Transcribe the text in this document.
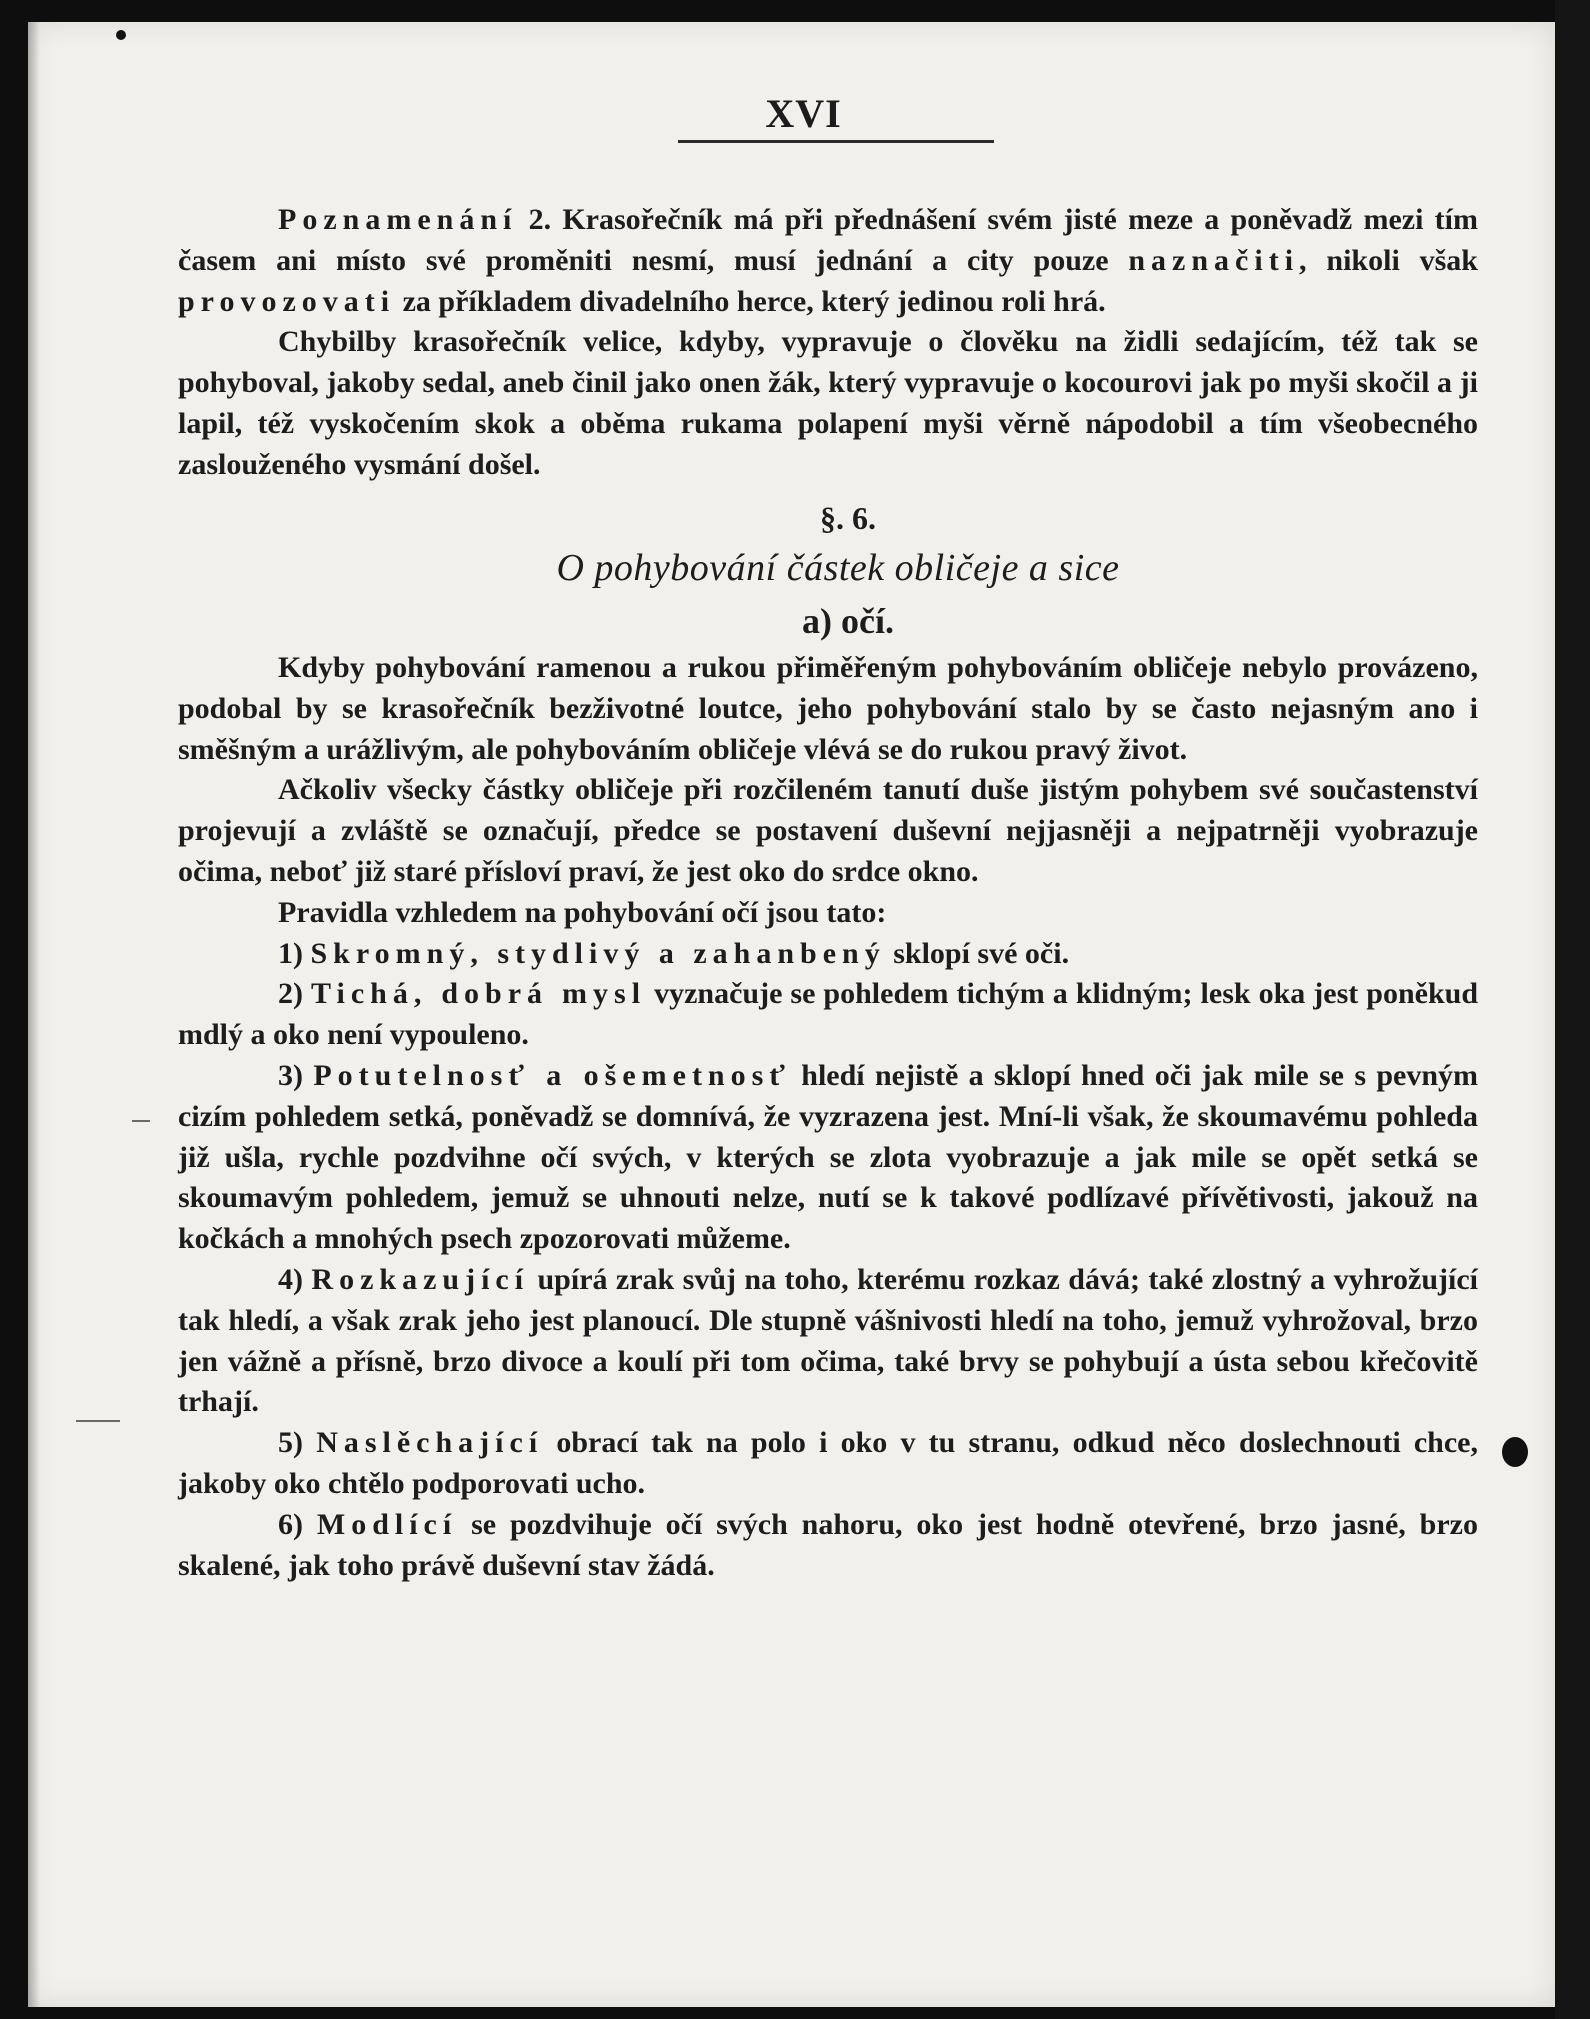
XVI

Poznamenání 2. Krasořečník má při přednášení svém jisté meze a poněvadž mezi tím časem ani místo své proměniti nesmí, musí jednání a city pouze naznačiti, nikoli však provozovati za příkladem divadelního herce, který jedinou roli hrá.

Chybilby krasořečník velice, kdyby, vypravuje o člověku na židli sedajícím, též tak se pohyboval, jakoby sedal, aneb činil jako onen žák, který vypravuje o kocourovi jak po myši skočil a ji lapil, též vyskočením skok a oběma rukama polapení myši věrně nápodobil a tím všeobecného zaslouženého vysmání došel.

§. 6.
O pohybování částek obličeje a sice
a) očí.

Kdyby pohybování ramenou a rukou přiměřeným pohybováním obličeje nebylo provázeno, podobal by se krasořečník bezživotné loutce, jeho pohybování stalo by se často nejasným ano i směšným a urážlivým, ale pohybováním obličeje vlévá se do rukou pravý život.

Ačkoliv všecky částky obličeje při rozčileném tanutí duše jistým pohybem své součastenství projevují a zvláště se označují, předce se postavení duševní nejjasněji a nejpatrněji vyobrazuje očima, neboť již staré přísloví praví, že jest oko do srdce okno.

Pravidla vzhledem na pohybování očí jsou tato:

1) Skromný, stydlivý a zahanbený sklopí své oči.

2) Tichá, dobrá mysl vyznačuje se pohledem tichým a klidným; lesk oka jest poněkud mdlý a oko není vypouleno.

3) Potutelnosť a ošemetnosť hledí nejistě a sklopí hned oči jak mile se s pevným cizím pohledem setká, poněvadž se domnívá, že vyzrazena jest. Mní-li však, že skoumavému pohleda již ušla, rychle pozdvihne očí svých, v kterých se zlota vyobrazuje a jak mile se opět setká se skoumavým pohledem, jemuž se uhnouti nelze, nutí se k takové podlízavé přívětivosti, jakouž na kočkách a mnohých psech zpozorovati můžeme.

4) Rozkazující upírá zrak svůj na toho, kterému rozkaz dává; také zlostný a vyhrožující tak hledí, a však zrak jeho jest planoucí. Dle stupně vášnivosti hledí na toho, jemuž vyhrožoval, brzo jen vážně a přísně, brzo divoce a koulí při tom očima, také brvy se pohybují a ústa sebou křečovitě trhají.

5) Naslěchající obrací tak na polo i oko v tu stranu, odkud něco doslechnouti chce, jakoby oko chtělo podporovati ucho.

6) Modlící se pozdvihuje očí svých nahoru, oko jest hodně otevřené, brzo jasné, brzo skalené, jak toho právě duševní stav žádá.
